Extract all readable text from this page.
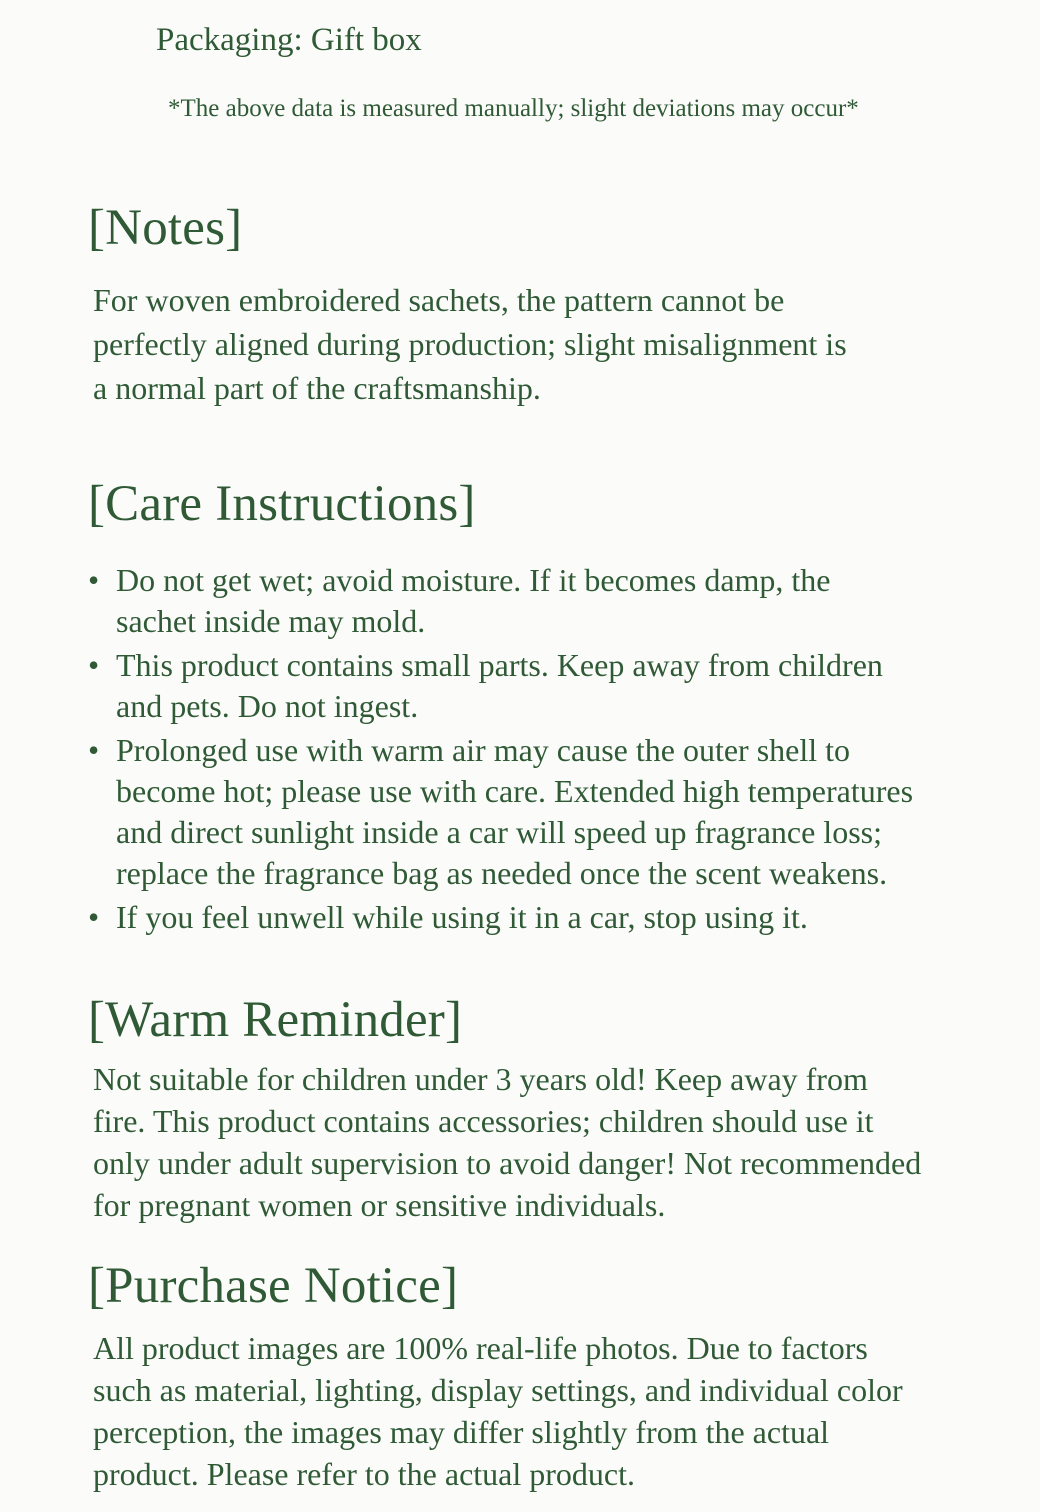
Packaging: Gift box

*The above data is measured manually; slight deviations may occur*

[Notes]
For woven embroidered sachets, the pattern cannot be
perfectly aligned during production; slight misalignment is
a normal part of the craftsmanship.
[Care Instructions]
• Do not get wet; avoid moisture. If it becomes damp, the
sachet inside may mold.
• This product contains small parts. Keep away from children
and pets. Do not ingest.
• Prolonged use with warm air may cause the outer shell to
become hot; please use with care. Extended high temperatures
and direct sunlight inside a car will speed up fragrance loss;
replace the fragrance bag as needed once the scent weakens.
• If you feel unwell while using it in a car, stop using it.
[Warm Reminder]
Not suitable for children under 3 years old! Keep away from
fire. This product contains accessories; children should use it
only under adult supervision to avoid danger! Not recommended
for pregnant women or sensitive individuals.
[Purchase Notice]
All product images are 100% real-life photos. Due to factors
such as material, lighting, display settings, and individual color
perception, the images may differ slightly from the actual
product. Please refer to the actual product.
